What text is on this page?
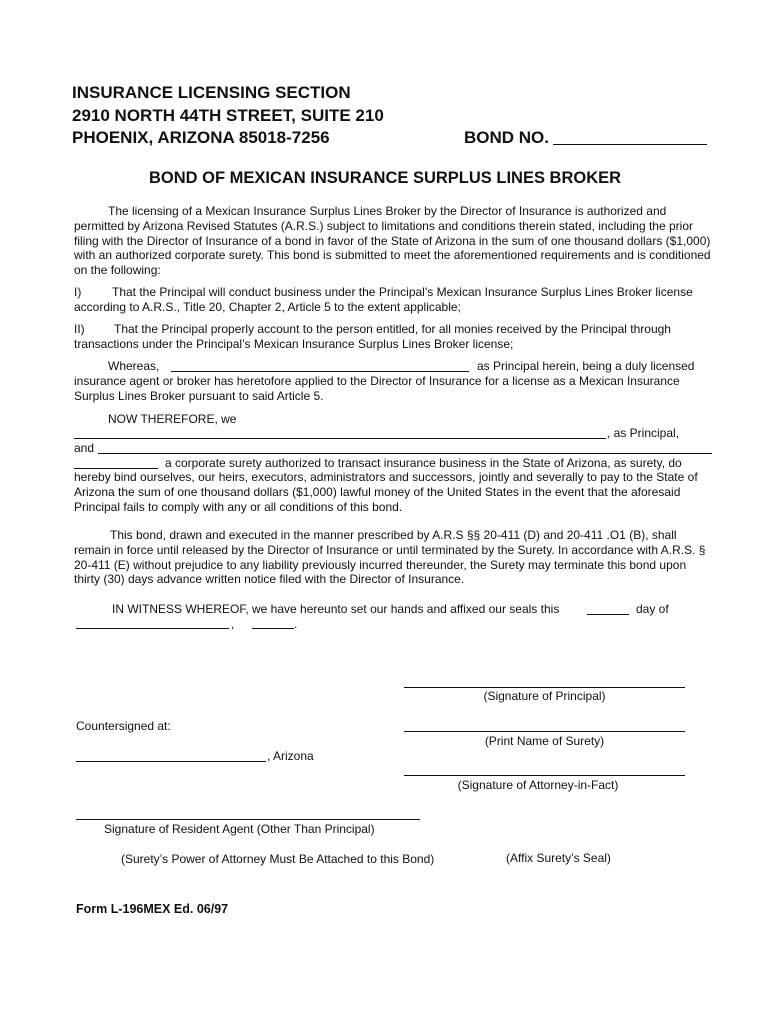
INSURANCE LICENSING SECTION
2910 NORTH 44TH STREET, SUITE 210
PHOENIX, ARIZONA 85018-7256	BOND NO.
BOND OF MEXICAN INSURANCE SURPLUS LINES BROKER
The licensing of a Mexican Insurance Surplus Lines Broker by the Director of Insurance is authorized and permitted by Arizona Revised Statutes (A.R.S.) subject to limitations and conditions therein stated, including the prior filing with the Director of Insurance of a bond in favor of the State of Arizona in the sum of one thousand dollars ($1,000) with an authorized corporate surety. This bond is submitted to meet the aforementioned requirements and is conditioned on the following:
I)	That the Principal will conduct business under the Principal’s Mexican Insurance Surplus Lines Broker license according to A.R.S., Title 20, Chapter 2, Article 5 to the extent applicable;
II) That the Principal properly account to the person entitled, for all monies received by the Principal through transactions under the Principal’s Mexican Insurance Surplus Lines Broker license;
Whereas,	as Principal herein, being a duly licensed
insurance agent or broker has heretofore applied to the Director of Insurance for a license as a Mexican Insurance Surplus Lines Broker pursuant to said Article 5.
NOW THEREFORE, we
, as Principal,
and
a corporate surety authorized to transact insurance business in the State of Arizona, as surety, do
hereby bind ourselves, our heirs, executors, administrators and successors, jointly and severally to pay to the State of Arizona the sum of one thousand dollars ($1,000) lawful money of the United States in the event that the aforesaid Principal fails to comply with any or all conditions of this bond.
This bond, drawn and executed in the manner prescribed by A.R.S §§ 20-411 (D) and 20-411 .O1 (B), shall remain in force until released by the Director of Insurance or until terminated by the Surety. In accordance with A.R.S. § 20-411 (E) without prejudice to any liability previously incurred thereunder, the Surety may terminate this bond upon thirty (30) days advance written notice filed with the Director of Insurance.
IN WITNESS WHEREOF, we have hereunto set our hands and affixed our seals this	day of
,	.
(Signature of Principal)
Countersigned at:
(Print Name of Surety)
, Arizona
(Signature of Attorney-in-Fact)
Signature of Resident Agent (Other Than Principal)
(Surety’s Power of Attorney Must Be Attached to this Bond)	(Affix Surety’s Seal)
Form L-196MEX Ed. 06/97
